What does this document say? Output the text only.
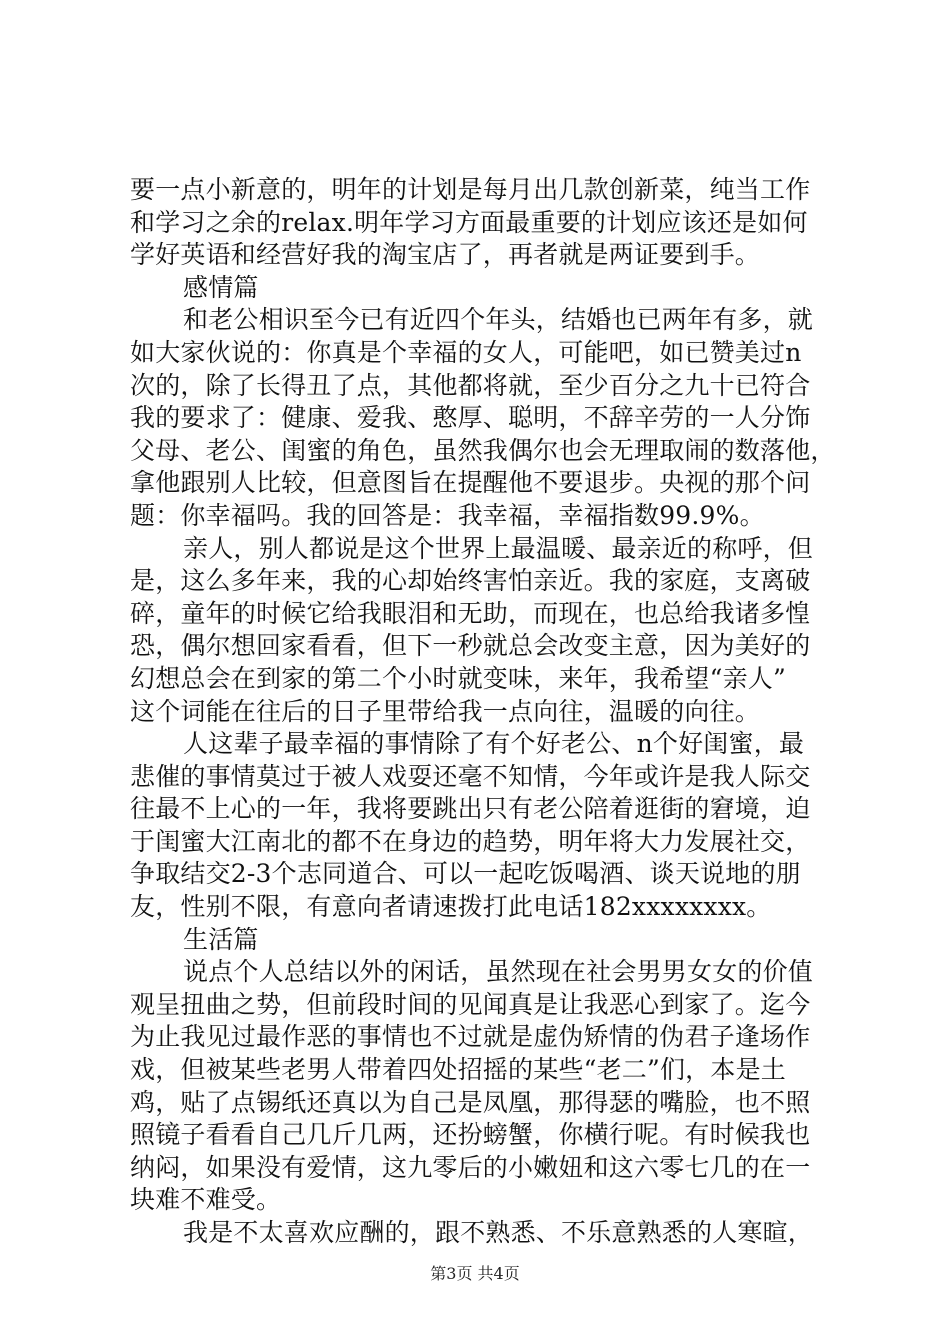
要一点小新意的，明年的计划是每月出几款创新菜，纯当工作
和学习之余的relax.明年学习方面最重要的计划应该还是如何
学好英语和经营好我的淘宝店了，再者就是两证要到手。
感情篇
和老公相识至今已有近四个年头，结婚也已两年有多，就
如大家伙说的：你真是个幸福的女人，可能吧，如已赞美过n
次的，除了长得丑了点，其他都将就，至少百分之九十已符合
我的要求了：健康、爱我、憨厚、聪明，不辞辛劳的一人分饰
父母、老公、闺蜜的角色，虽然我偶尔也会无理取闹的数落他，
拿他跟别人比较，但意图旨在提醒他不要退步。央视的那个问
题：你幸福吗。我的回答是：我幸福，幸福指数99.9%。
亲人，别人都说是这个世界上最温暖、最亲近的称呼，但
是，这么多年来，我的心却始终害怕亲近。我的家庭，支离破
碎，童年的时候它给我眼泪和无助，而现在，也总给我诸多惶
恐，偶尔想回家看看，但下一秒就总会改变主意，因为美好的
幻想总会在到家的第二个小时就变味，来年，我希望“亲人”
这个词能在往后的日子里带给我一点向往，温暖的向往。
人这辈子最幸福的事情除了有个好老公、n个好闺蜜，最
悲催的事情莫过于被人戏耍还毫不知情，今年或许是我人际交
往最不上心的一年，我将要跳出只有老公陪着逛街的窘境，迫
于闺蜜大江南北的都不在身边的趋势，明年将大力发展社交，
争取结交2-3个志同道合、可以一起吃饭喝酒、谈天说地的朋
友，性别不限，有意向者请速拨打此电话182xxxxxxxx。
生活篇
说点个人总结以外的闲话，虽然现在社会男男女女的价值
观呈扭曲之势，但前段时间的见闻真是让我恶心到家了。迄今
为止我见过最作恶的事情也不过就是虚伪矫情的伪君子逢场作
戏，但被某些老男人带着四处招摇的某些“老二”们，本是土
鸡，贴了点锡纸还真以为自己是凤凰，那得瑟的嘴脸，也不照
照镜子看看自己几斤几两，还扮螃蟹，你横行呢。有时候我也
纳闷，如果没有爱情，这九零后的小嫩妞和这六零七几的在一
块难不难受。
我是不太喜欢应酬的，跟不熟悉、不乐意熟悉的人寒暄，
第3页 共4页
